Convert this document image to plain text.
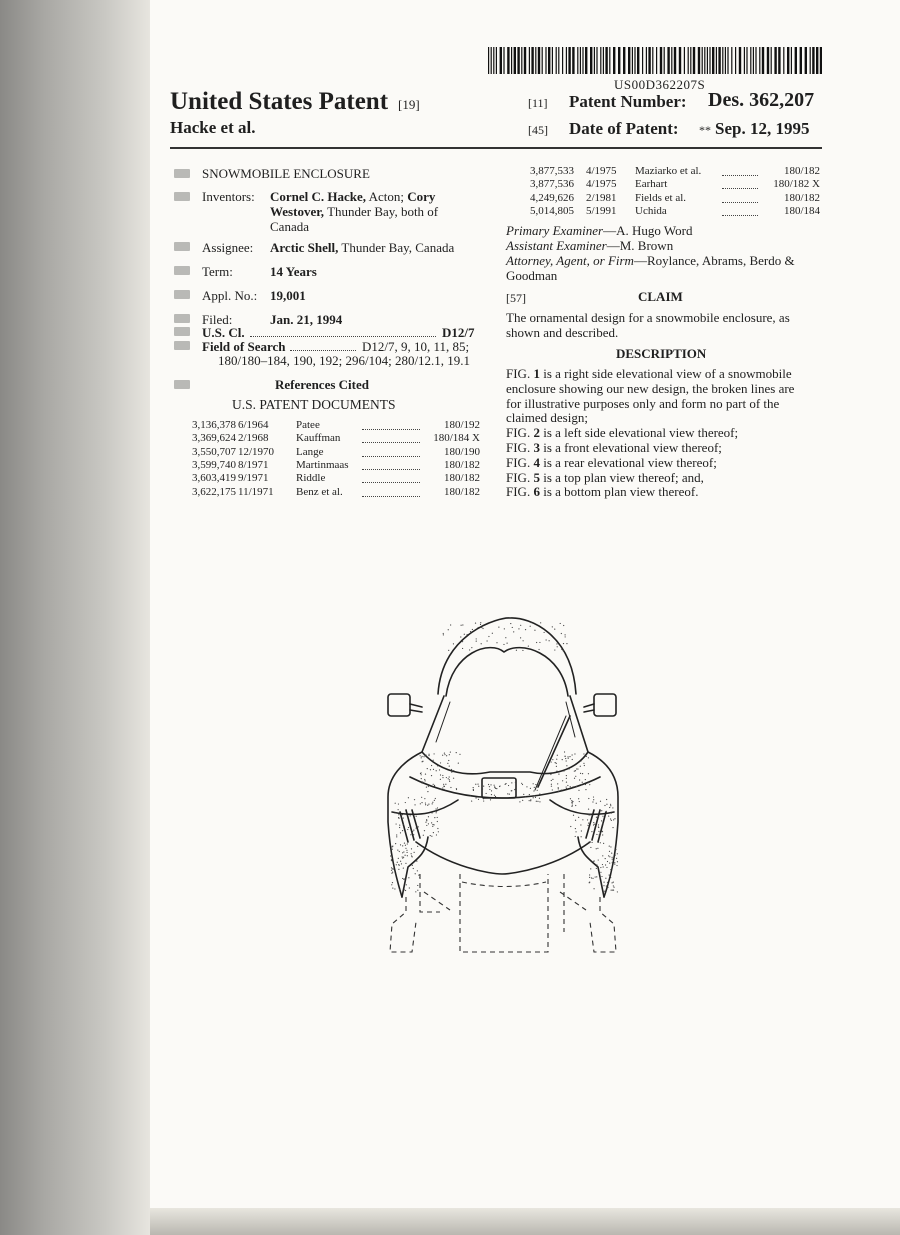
US00D362207S
United States Patent [19]
Hacke et al.
[11] Patent Number: Des. 362,207
[45] Date of Patent: ** Sep. 12, 1995
SNOWMOBILE ENCLOSURE
Inventors: Cornel C. Hacke, Acton; Cory
Westover, Thunder Bay, both of
Canada
Assignee: Arctic Shell, Thunder Bay, Canada
Term:	14 Years
Appl. No.: 19,001
Filed:	Jan. 21, 1994
U.S. Cl.	D12/7
Field of Search	D12/7, 9, 10, 11, 85;
180/180–184, 190, 192; 296/104; 280/12.1, 19.1
References Cited
U.S. PATENT DOCUMENTS
3,136,378 6/1964 Patee	180/192
3,369,624 2/1968 Kauffman	180/184 X
3,550,707 12/1970 Lange	180/190
3,599,740 8/1971 Martinmaas	180/182
3,603,419 9/1971 Riddle	180/182
3,622,175 11/1971 Benz et al.	180/182
3,877,533 4/1975 Maziarko et al.	180/182
3,877,536 4/1975 Earhart	180/182 X
4,249,626 2/1981 Fields et al.	180/182
5,014,805 5/1991 Uchida	180/184
Primary Examiner—A. Hugo Word
Assistant Examiner—M. Brown
Attorney, Agent, or Firm—Roylance, Abrams, Berdo &
Goodman
[57]	CLAIM
The ornamental design for a snowmobile enclosure, as
shown and described.
DESCRIPTION
FIG. 1 is a right side elevational view of a snowmobile
enclosure showing our new design, the broken lines are
for illustrative purposes only and form no part of the
claimed design;
FIG. 2 is a left side elevational view thereof;
FIG. 3 is a front elevational view thereof;
FIG. 4 is a rear elevational view thereof;
FIG. 5 is a top plan view thereof; and,
FIG. 6 is a bottom plan view thereof.
